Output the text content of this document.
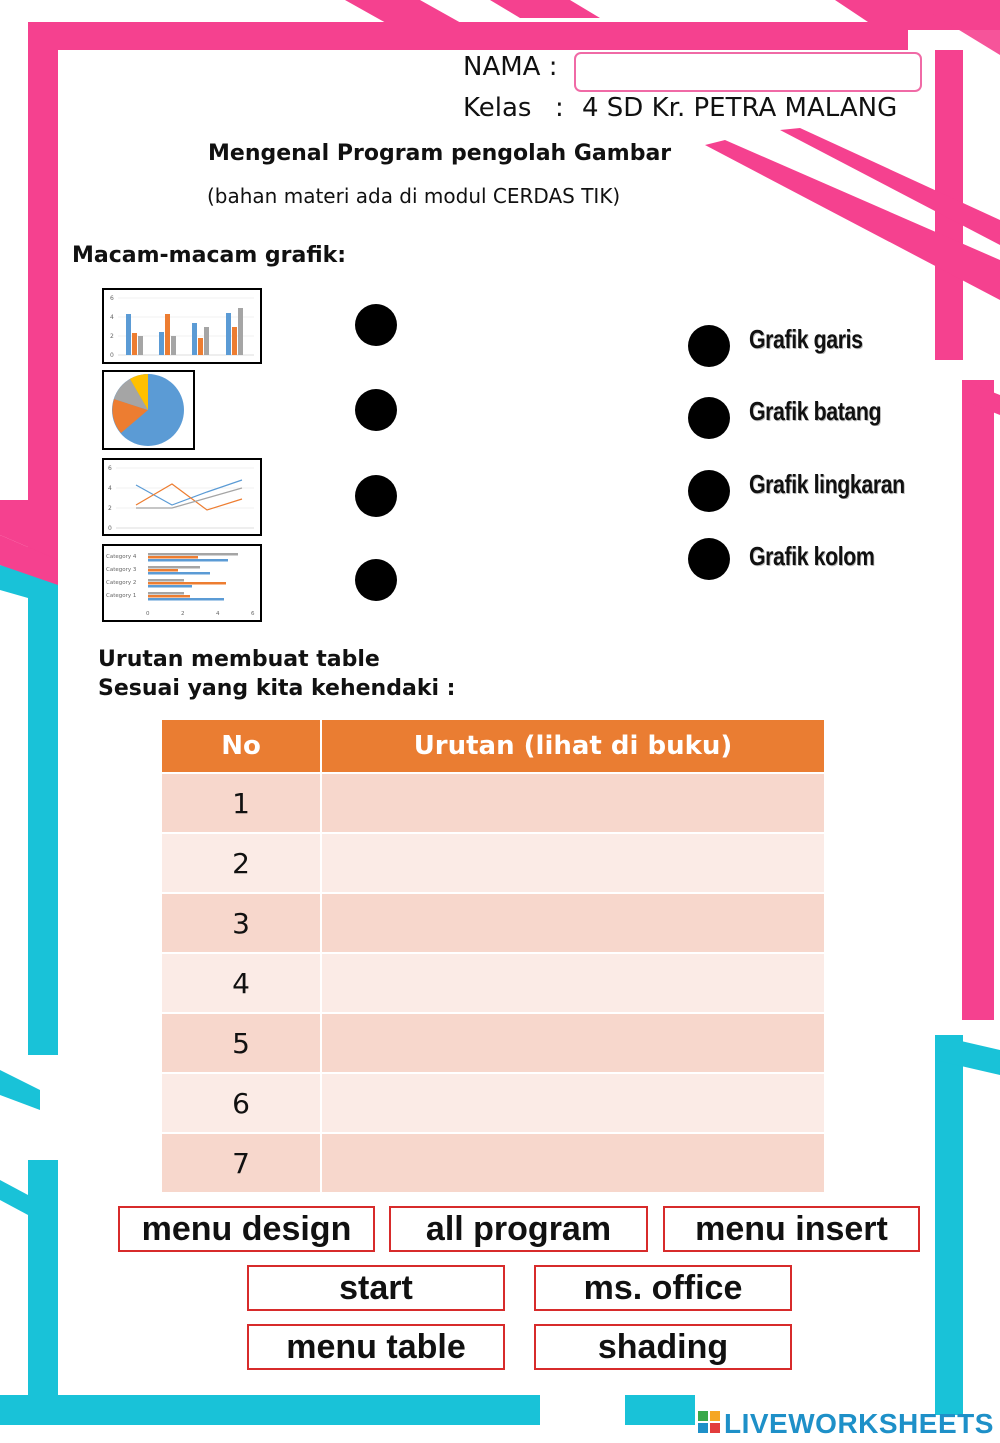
NAMA :
Kelas : 4 SD Kr. PETRA MALANG
Mengenal Program pengolah Gambar
(bahan materi ada di modul CERDAS TIK)
Macam-macam grafik:
6
4
2
0
6
4
2
0
Category 4
Category 3
Category 2
Category 1
0	2	4	6
Grafik garis
Grafik batang
Grafik lingkaran
Grafik kolom
Urutan membuat table
Sesuai yang kita kehendaki :
No	Urutan (lihat di buku)
1	
2	
3	
4	
5	
6	
7	
menu design	all program	menu insert
start	ms. office
menu table	shading
LIVEWORKSHEETS
